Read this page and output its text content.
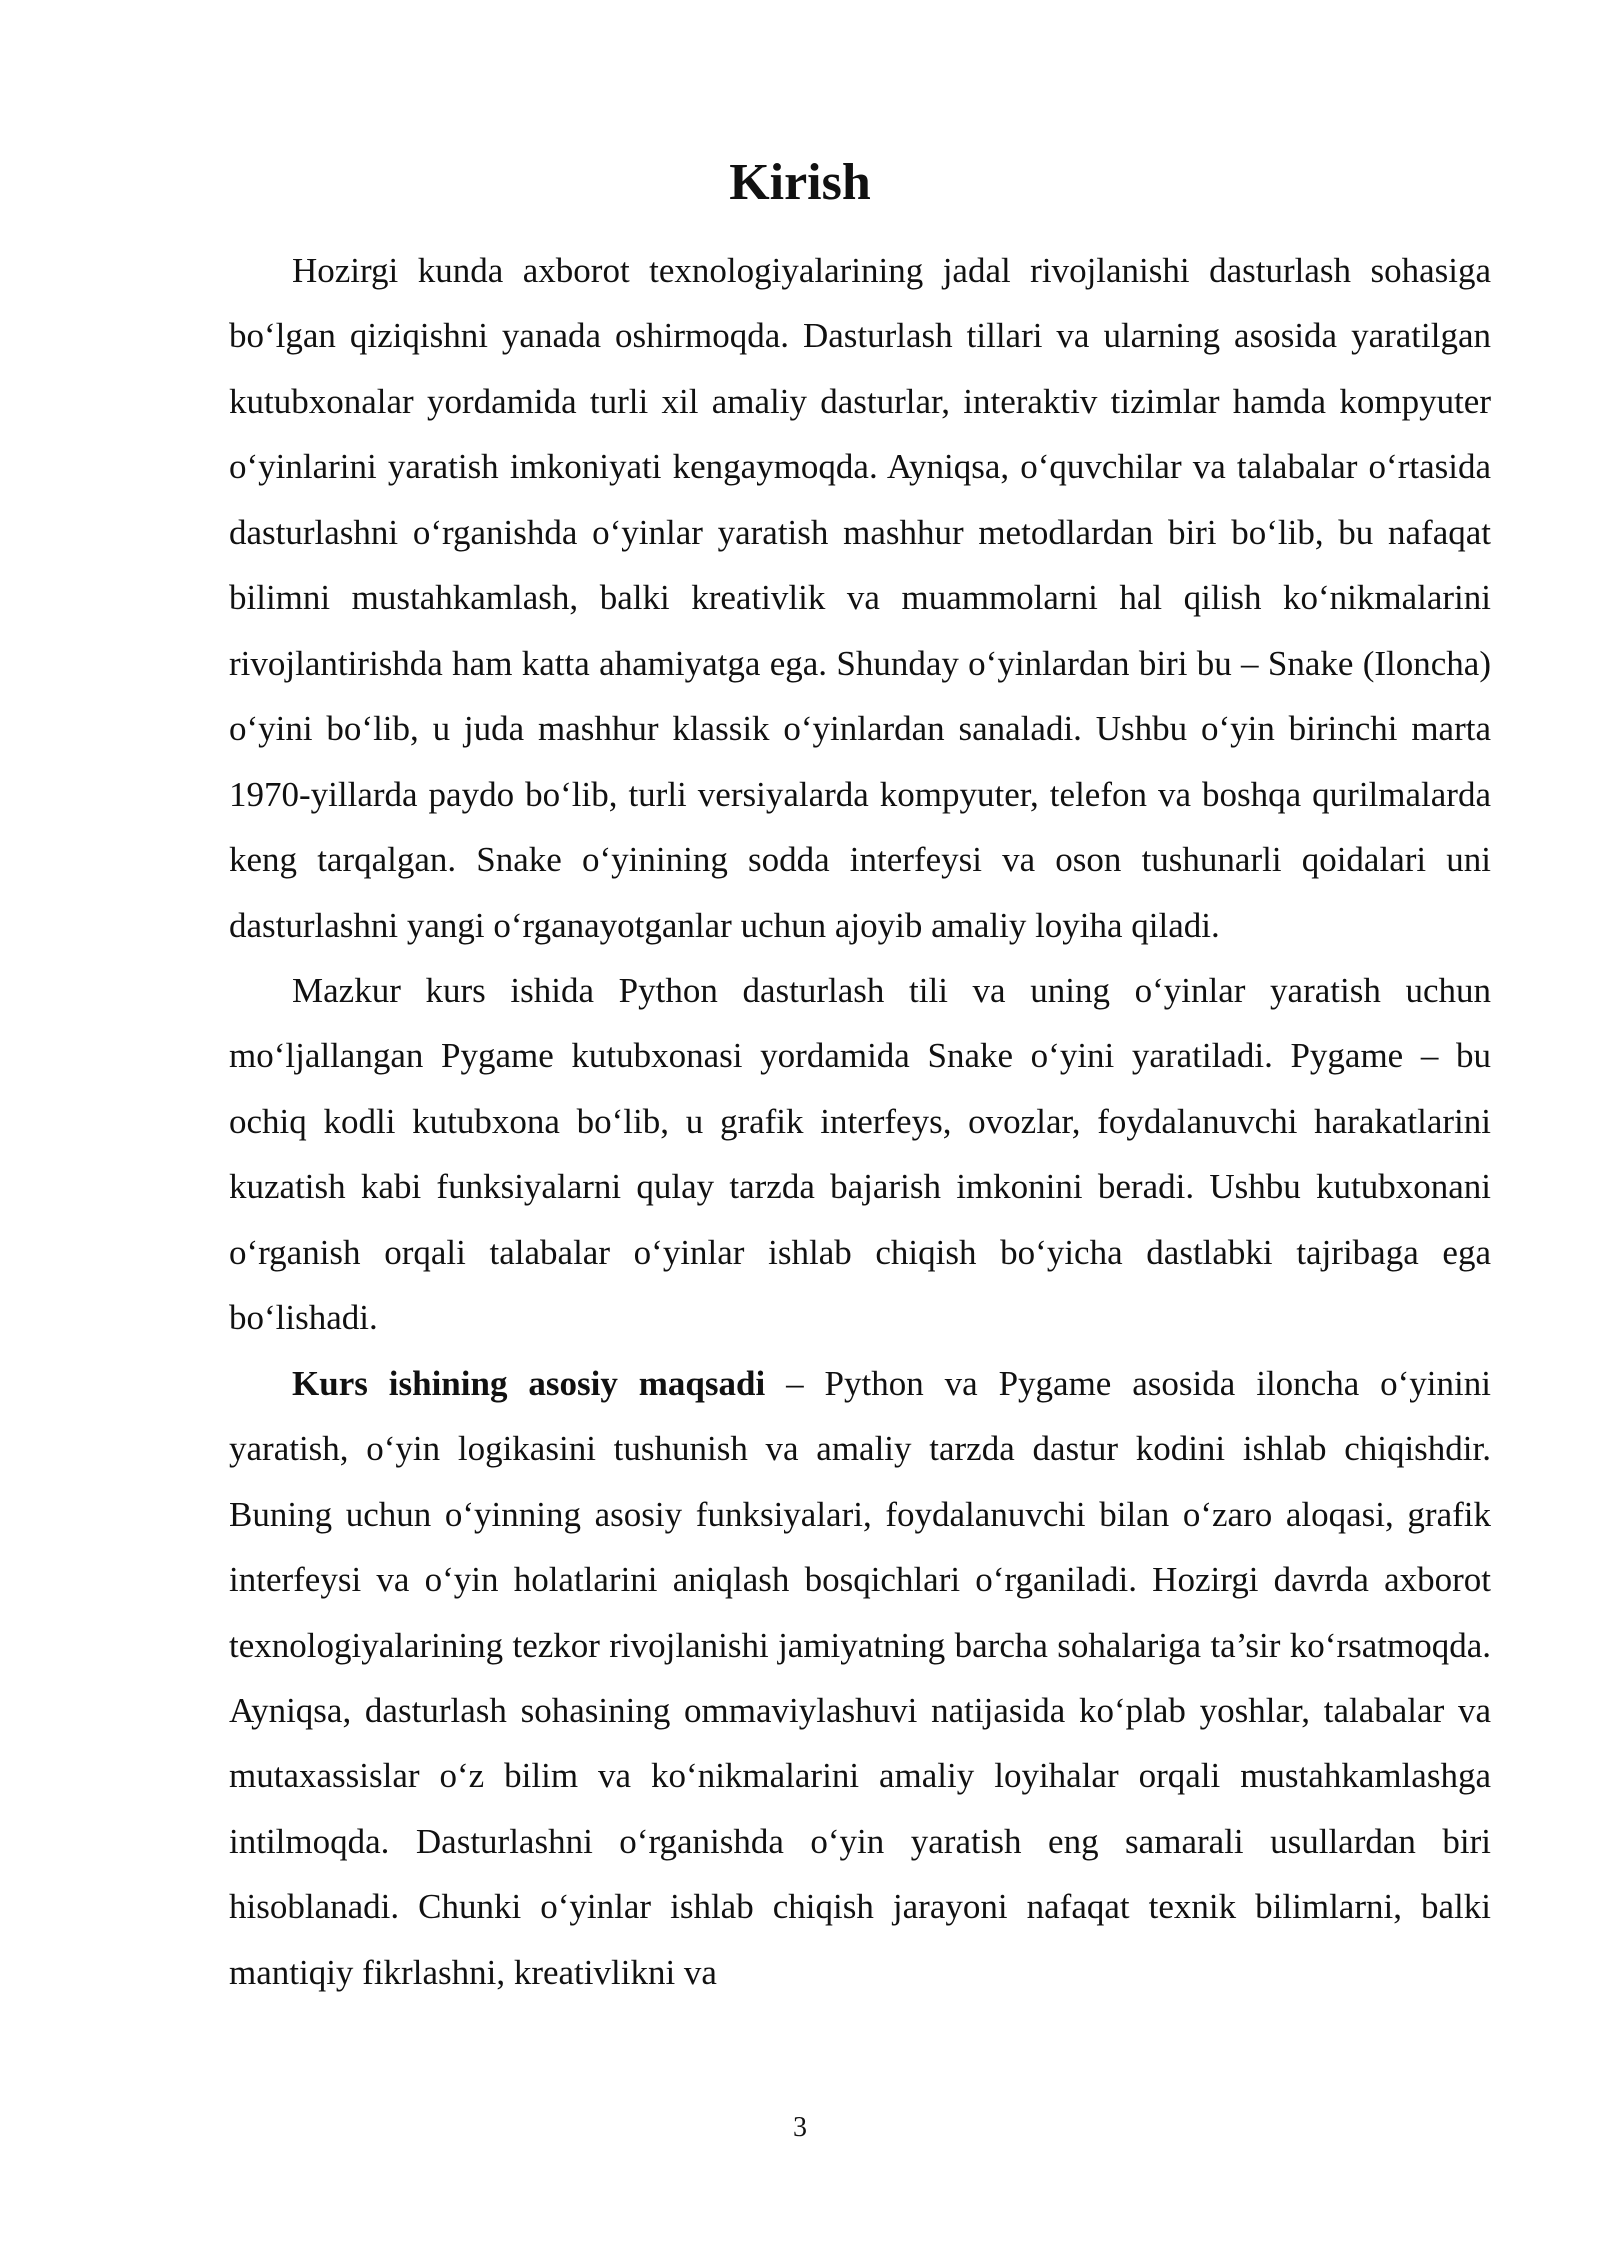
Kirish

Hozirgi kunda axborot texnologiyalarining jadal rivojlanishi dasturlash sohasiga bo‘lgan qiziqishni yanada oshirmoqda. Dasturlash tillari va ularning asosida yaratilgan kutubxonalar yordamida turli xil amaliy dasturlar, interaktiv tizimlar hamda kompyuter o‘yinlarini yaratish imkoniyati kengaymoqda. Ayniqsa, o‘quvchilar va talabalar o‘rtasida dasturlashni o‘rganishda o‘yinlar yaratish mashhur metodlardan biri bo‘lib, bu nafaqat bilimni mustahkamlash, balki kreativlik va muammolarni hal qilish ko‘nikmalarini rivojlantirishda ham katta ahamiyatga ega. Shunday o‘yinlardan biri bu – Snake (Iloncha) o‘yini bo‘lib, u juda mashhur klassik o‘yinlardan sanaladi. Ushbu o‘yin birinchi marta 1970-yillarda paydo bo‘lib, turli versiyalarda kompyuter, telefon va boshqa qurilmalarda keng tarqalgan. Snake o‘yinining sodda interfeysi va oson tushunarli qoidalari uni dasturlashni yangi o‘rganayotganlar uchun ajoyib amaliy loyiha qiladi.

Mazkur kurs ishida Python dasturlash tili va uning o‘yinlar yaratish uchun mo‘ljallangan Pygame kutubxonasi yordamida Snake o‘yini yaratiladi. Pygame – bu ochiq kodli kutubxona bo‘lib, u grafik interfeys, ovozlar, foydalanuvchi harakatlarini kuzatish kabi funksiyalarni qulay tarzda bajarish imkonini beradi. Ushbu kutubxonani o‘rganish orqali talabalar o‘yinlar ishlab chiqish bo‘yicha dastlabki tajribaga ega bo‘lishadi.

Kurs ishining asosiy maqsadi – Python va Pygame asosida iloncha o‘yinini yaratish, o‘yin logikasini tushunish va amaliy tarzda dastur kodini ishlab chiqishdir. Buning uchun o‘yinning asosiy funksiyalari, foydalanuvchi bilan o‘zaro aloqasi, grafik interfeysi va o‘yin holatlarini aniqlash bosqichlari o‘rganiladi. Hozirgi davrda axborot texnologiyalarining tezkor rivojlanishi jamiyatning barcha sohalariga ta’sir ko‘rsatmoqda. Ayniqsa, dasturlash sohasining ommaviylashuvi natijasida ko‘plab yoshlar, talabalar va mutaxassislar o‘z bilim va ko‘nikmalarini amaliy loyihalar orqali mustahkamlashga intilmoqda. Dasturlashni o‘rganishda o‘yin yaratish eng samarali usullardan biri hisoblanadi. Chunki o‘yinlar ishlab chiqish jarayoni nafaqat texnik bilimlarni, balki mantiqiy fikrlashni, kreativlikni va

3
